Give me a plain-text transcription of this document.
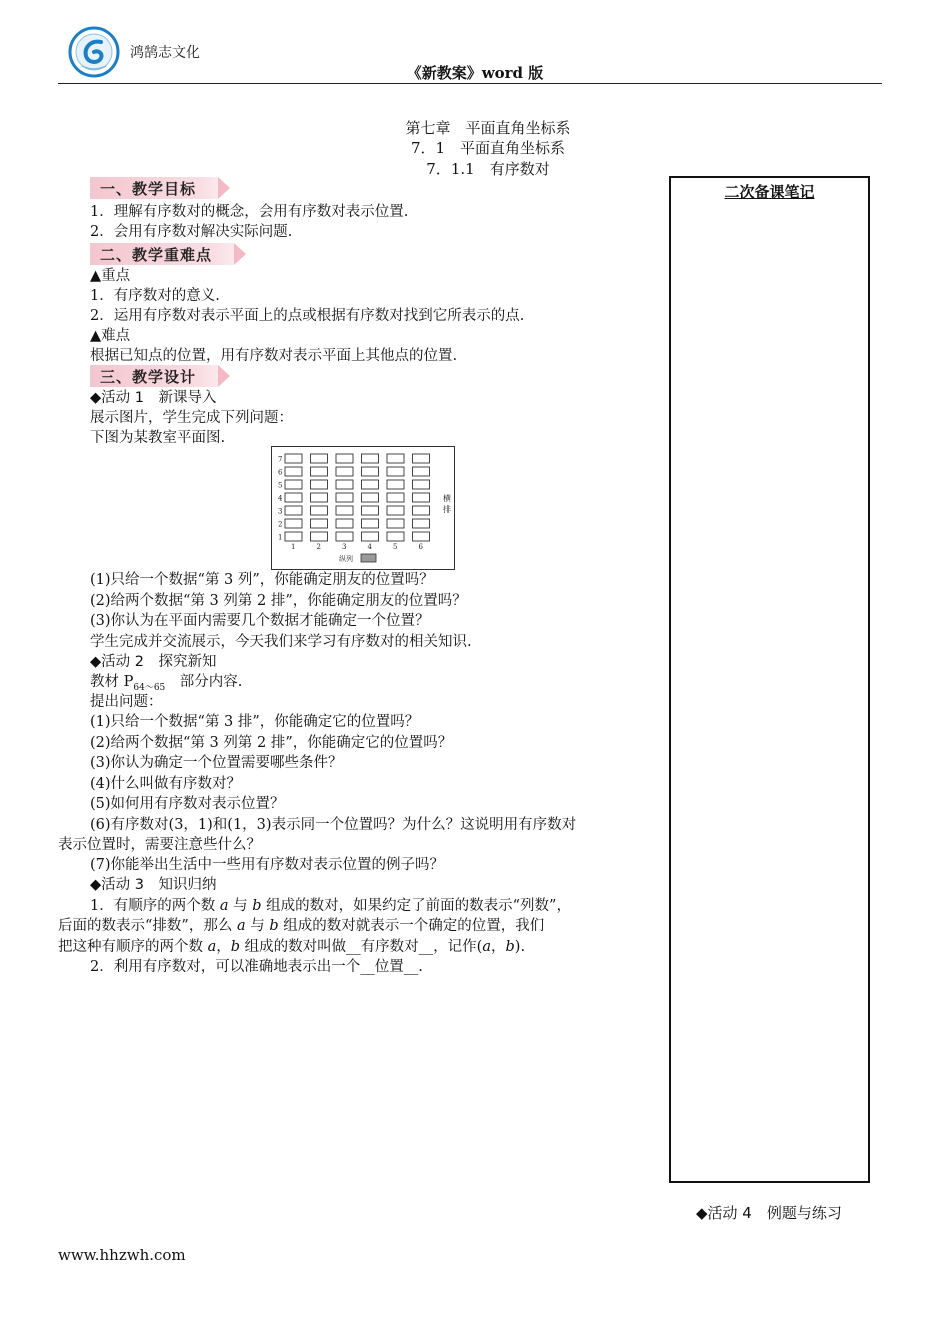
鸿鹄志文化
《新教案》word 版
第七章　平面直角坐标系
7．1　平面直角坐标系
7．1.1　有序数对
二次备课笔记
一、教学目标
1．理解有序数对的概念，会用有序数对表示位置.
2．会用有序数对解决实际问题.
二、教学重难点
▲重点
1．有序数对的意义.
2．运用有序数对表示平面上的点或根据有序数对找到它所表示的点.
▲难点
根据已知点的位置，用有序数对表示平面上其他点的位置.
三、教学设计
◆活动 1　新课导入
展示图片，学生完成下列问题：
下图为某教室平面图.
7
6
5
4
3
2
1
1	2	3	4	5	6
横
排
纵列
(1)只给一个数据“第 3 列”，你能确定朋友的位置吗？
(2)给两个数据“第 3 列第 2 排”，你能确定朋友的位置吗？
(3)你认为在平面内需要几个数据才能确定一个位置？
学生完成并交流展示，今天我们来学习有序数对的相关知识.
◆活动 2　探究新知
教材 $P_{64\sim 65}$　部分内容.
提出问题：
(1)只给一个数据“第 3 排”，你能确定它的位置吗？
(2)给两个数据“第 3 列第 2 排”，你能确定它的位置吗？
(3)你认为确定一个位置需要哪些条件？
(4)什么叫做有序数对？
(5)如何用有序数对表示位置？
(6)有序数对(3，1)和(1，3)表示同一个位置吗？为什么？这说明用有序数对
表示位置时，需要注意些什么？
(7)你能举出生活中一些用有序数对表示位置的例子吗？
◆活动 3　知识归纳
1．有顺序的两个数 a 与 b 组成的数对，如果约定了前面的数表示“列数”，
后面的数表示“排数”，那么 a 与 b 组成的数对就表示一个确定的位置，我们
把这种有顺序的两个数 a，b 组成的数对叫做__有序数对__，记作(a，b).
2．利用有序数对，可以准确地表示出一个__位置__.
◆活动 4　例题与练习
www.hhzwh.com
